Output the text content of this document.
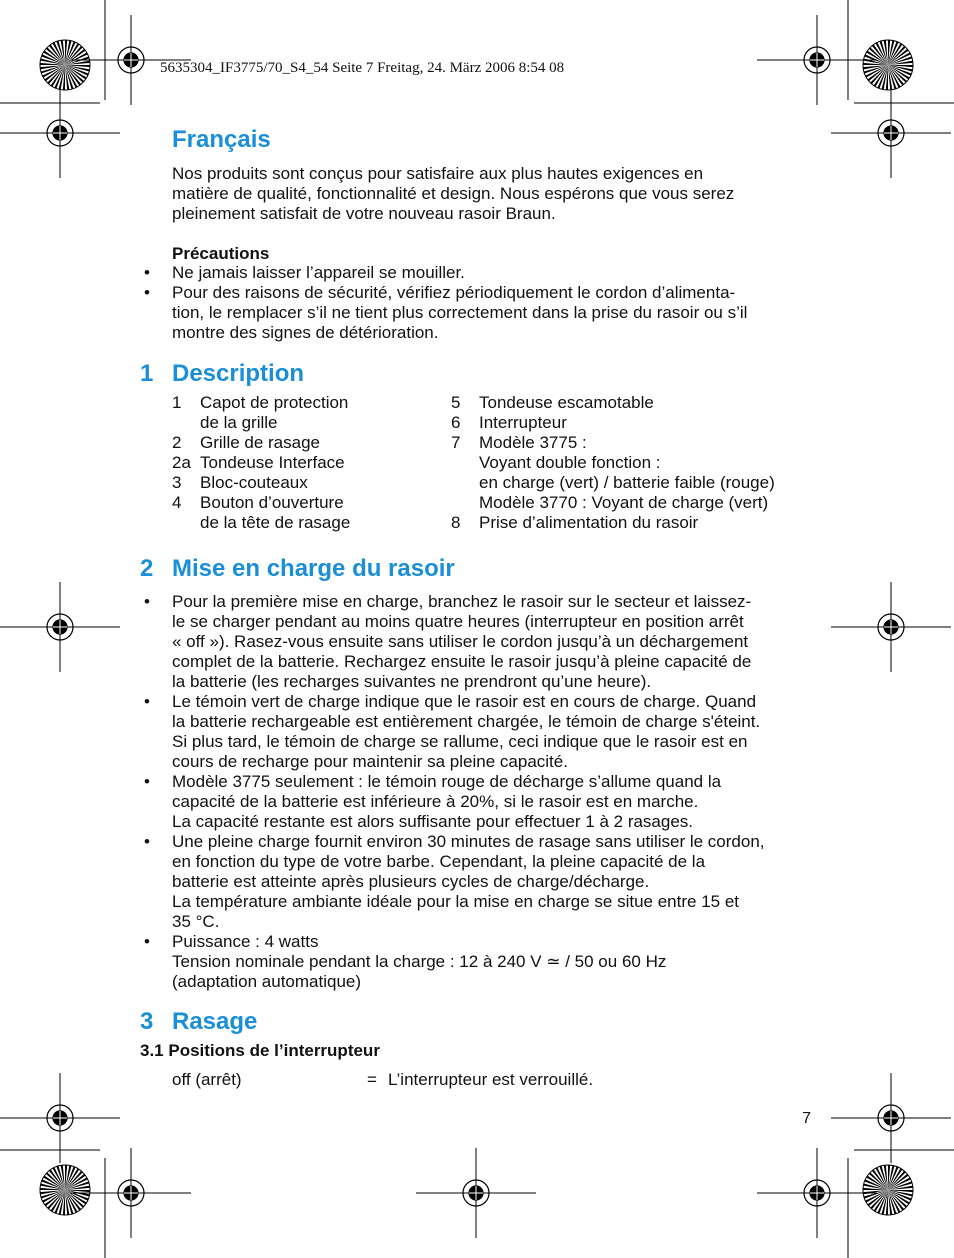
5635304_IF3775/70_S4_54 Seite 7 Freitag, 24. März 2006 8:54 08
Français
Nos produits sont conçus pour satisfaire aux plus hautes exigences en
matière de qualité, fonctionnalité et design. Nous espérons que vous serez
pleinement satisfait de votre nouveau rasoir Braun.
Précautions
• Ne jamais laisser l’appareil se mouiller.
• Pour des raisons de sécurité, vérifiez périodiquement le cordon d’alimenta-
tion, le remplacer s’il ne tient plus correctement dans la prise du rasoir ou s’il
montre des signes de détérioration.
1 Description
1	Capot de protection
de la grille
2	Grille de rasage
2a Tondeuse Interface
3	Bloc-couteaux
4	Bouton d’ouverture
de la tête de rasage
5	Tondeuse escamotable
6	Interrupteur
7	Modèle 3775 :
Voyant double fonction :
en charge (vert) / batterie faible (rouge)
Modèle 3770 : Voyant de charge (vert)
8	Prise d’alimentation du rasoir
2 Mise en charge du rasoir
• Pour la première mise en charge, branchez le rasoir sur le secteur et laissez-
le se charger pendant au moins quatre heures (interrupteur en position arrêt
« off »). Rasez-vous ensuite sans utiliser le cordon jusqu’à un déchargement
complet de la batterie. Rechargez ensuite le rasoir jusqu’à pleine capacité de
la batterie (les recharges suivantes ne prendront qu’une heure).
• Le témoin vert de charge indique que le rasoir est en cours de charge. Quand
la batterie rechargeable est entièrement chargée, le témoin de charge s'éteint.
Si plus tard, le témoin de charge se rallume, ceci indique que le rasoir est en
cours de recharge pour maintenir sa pleine capacité.
• Modèle 3775 seulement : le témoin rouge de décharge s’allume quand la
capacité de la batterie est inférieure à 20%, si le rasoir est en marche.
La capacité restante est alors suffisante pour effectuer 1 à 2 rasages.
• Une pleine charge fournit environ 30 minutes de rasage sans utiliser le cordon,
en fonction du type de votre barbe. Cependant, la pleine capacité de la
batterie est atteinte après plusieurs cycles de charge/décharge.
La température ambiante idéale pour la mise en charge se situe entre 15 et
35 °C.
• Puissance : 4 watts
Tension nominale pendant la charge : 12 à 240 V ≃ / 50 ou 60 Hz
(adaptation automatique)
3 Rasage
3.1 Positions de l’interrupteur
off (arrêt)	= L’interrupteur est verrouillé.
7
